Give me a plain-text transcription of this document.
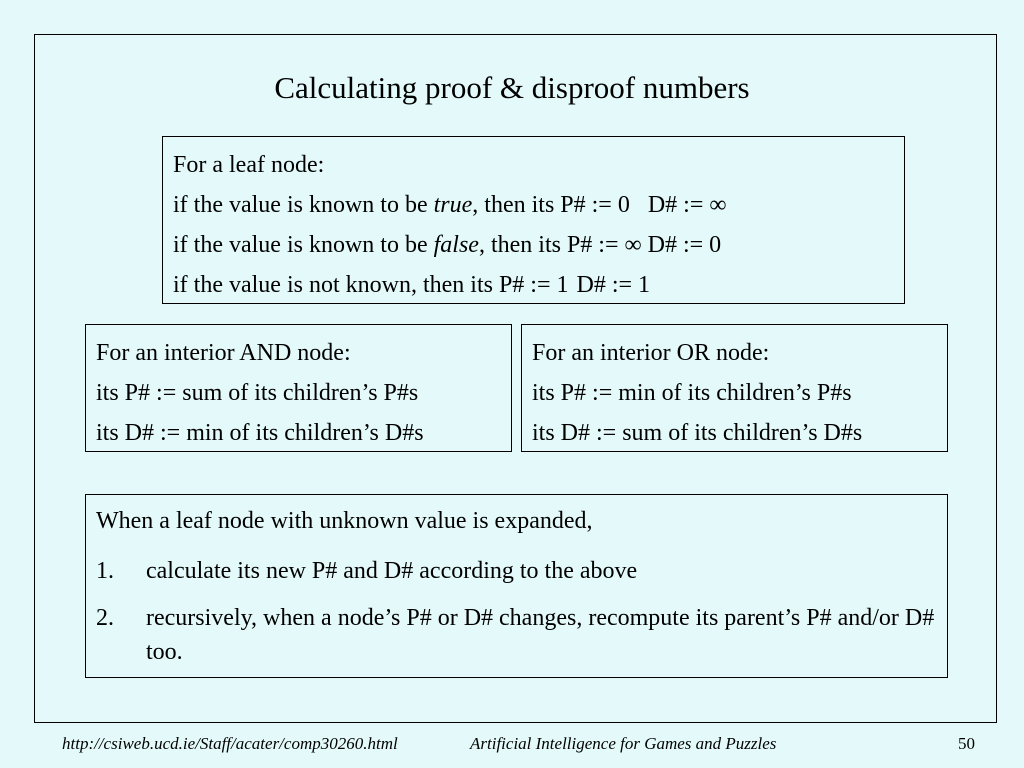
Calculating proof & disproof numbers
For a leaf node:
if the value is known to be true, then its P# := 0 D# := ∞
if the value is known to be false, then its P# := ∞ D# := 0
if the value is not known, then its P# := 1 D# := 1
For an interior AND node:
its P# := sum of its children’s P#s
its D# := min of its children’s D#s
For an interior OR node:
its P# := min of its children’s P#s
its D# := sum of its children’s D#s
When a leaf node with unknown value is expanded,
1.	calculate its new P# and D# according to the above
2.	recursively, when a node’s P# or D# changes, recompute its parent’s P# and/or D# too.
http://csiweb.ucd.ie/Staff/acater/comp30260.html	Artificial Intelligence for Games and Puzzles	50
